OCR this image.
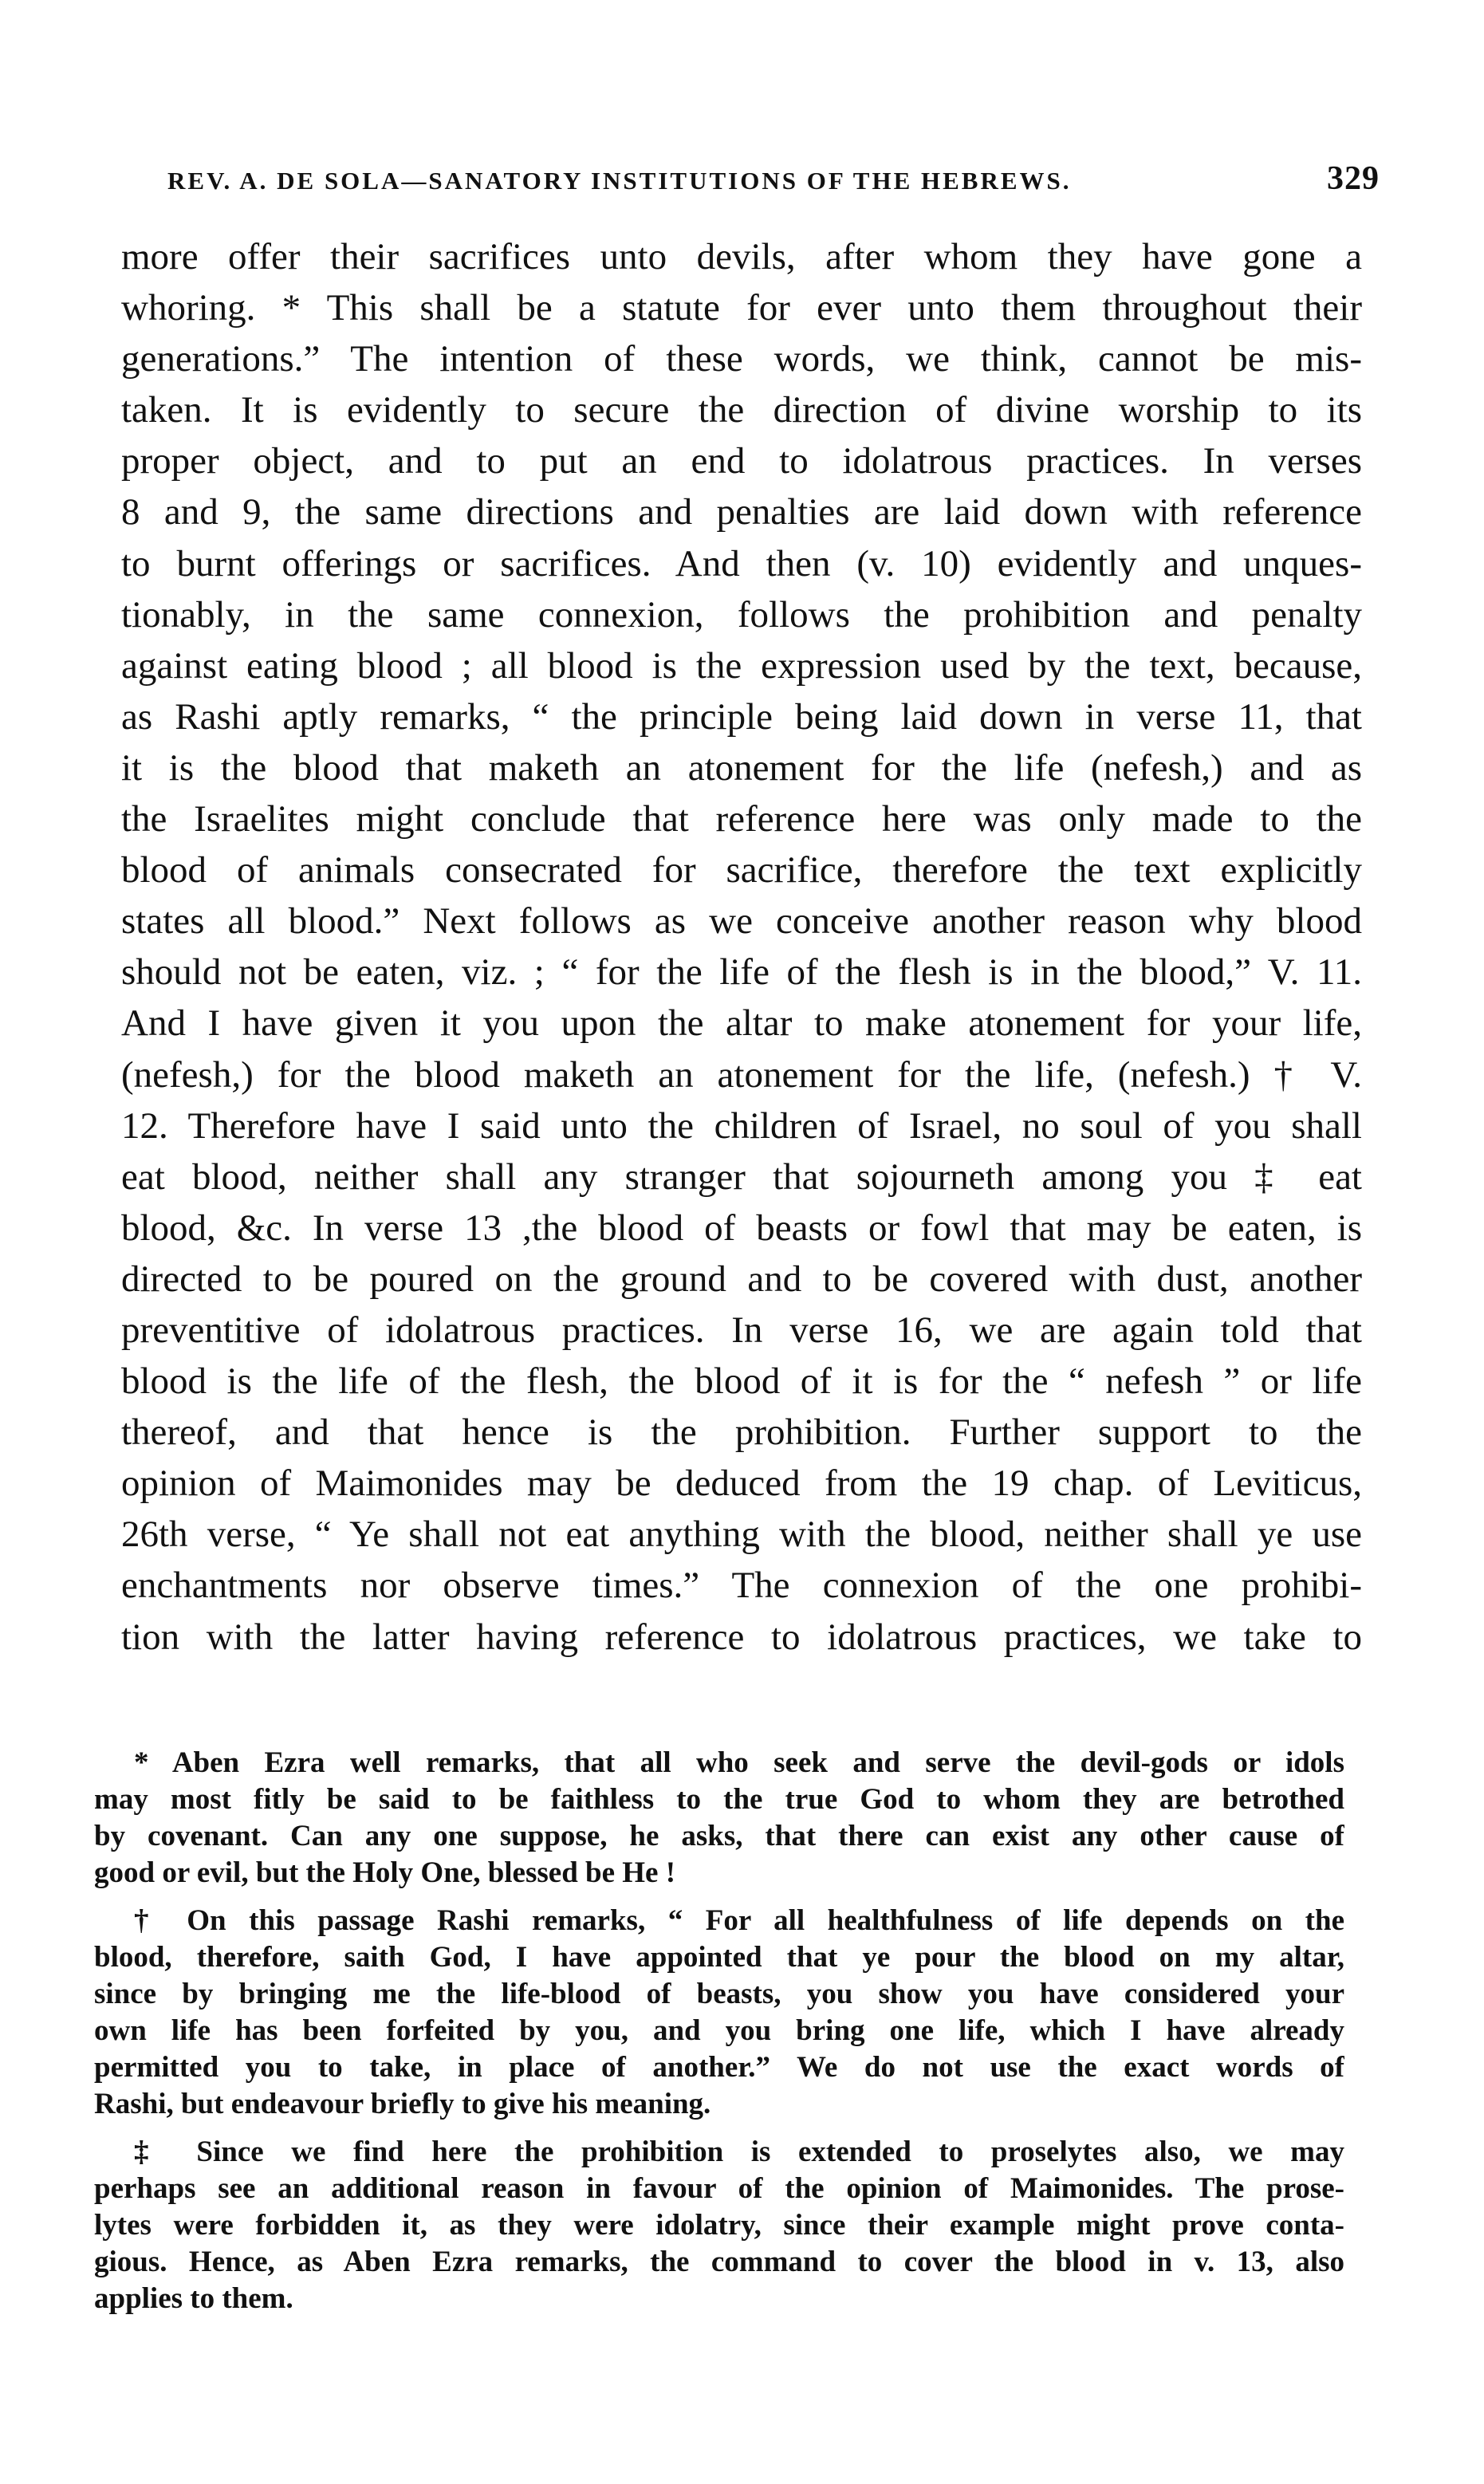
REV. A. DE SOLA—SANATORY INSTITUTIONS OF THE HEBREWS.	329
more offer their sacrifices unto devils, after whom they have gone a
whoring. * This shall be a statute for ever unto them throughout their
generations.” The intention of these words, we think, cannot be mis-
taken. It is evidently to secure the direction of divine worship to its
proper object, and to put an end to idolatrous practices. In verses
8 and 9, the same directions and penalties are laid down with reference
to burnt offerings or sacrifices. And then (v. 10) evidently and unques-
tionably, in the same connexion, follows the prohibition and penalty
against eating blood ; all blood is the expression used by the text, because,
as Rashi aptly remarks, “ the principle being laid down in verse 11, that
it is the blood that maketh an atonement for the life (nefesh,) and as
the Israelites might conclude that reference here was only made to the
blood of animals consecrated for sacrifice, therefore the text explicitly
states all blood.” Next follows as we conceive another reason why blood
should not be eaten, viz. ; “ for the life of the flesh is in the blood,” V. 11.
And I have given it you upon the altar to make atonement for your life,
(nefesh,) for the blood maketh an atonement for the life, (nefesh.) † V.
12. Therefore have I said unto the children of Israel, no soul of you shall
eat blood, neither shall any stranger that sojourneth among you ‡ eat
blood, &c. In verse 13 ,the blood of beasts or fowl that may be eaten, is
directed to be poured on the ground and to be covered with dust, another
preventitive of idolatrous practices. In verse 16, we are again told that
blood is the life of the flesh, the blood of it is for the “ nefesh ” or life
thereof, and that hence is the prohibition. Further support to the
opinion of Maimonides may be deduced from the 19 chap. of Leviticus,
26th verse, “ Ye shall not eat anything with the blood, neither shall ye use
enchantments nor observe times.” The connexion of the one prohibi-
tion with the latter having reference to idolatrous practices, we take to
* Aben Ezra well remarks, that all who seek and serve the devil-gods or idols
may most fitly be said to be faithless to the true God to whom they are betrothed
by covenant. Can any one suppose, he asks, that there can exist any other cause of
good or evil, but the Holy One, blessed be He !
† On this passage Rashi remarks, “ For all healthfulness of life depends on the
blood, therefore, saith God, I have appointed that ye pour the blood on my altar,
since by bringing me the life-blood of beasts, you show you have considered your
own life has been forfeited by you, and you bring one life, which I have already
permitted you to take, in place of another.” We do not use the exact words of
Rashi, but endeavour briefly to give his meaning.
‡ Since we find here the prohibition is extended to proselytes also, we may
perhaps see an additional reason in favour of the opinion of Maimonides. The prose-
lytes were forbidden it, as they were idolatry, since their example might prove conta-
gious. Hence, as Aben Ezra remarks, the command to cover the blood in v. 13, also
applies to them.
